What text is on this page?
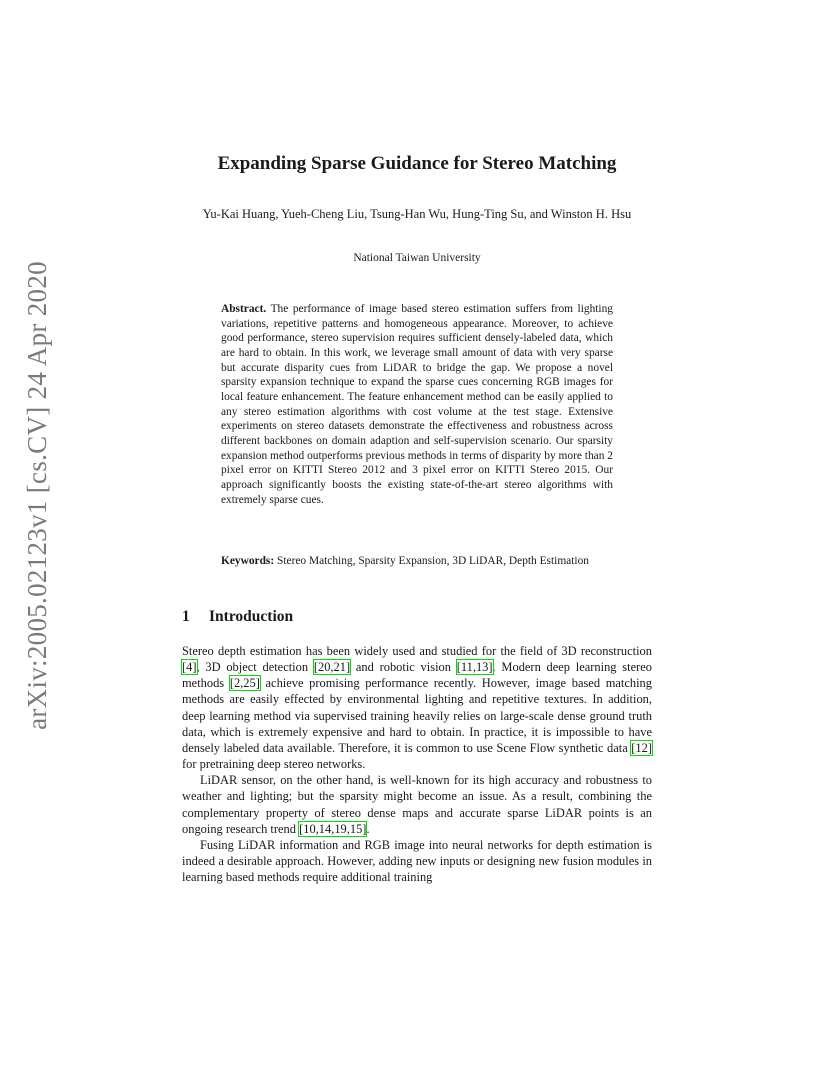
arXiv:2005.02123v1 [cs.CV] 24 Apr 2020
Expanding Sparse Guidance for Stereo Matching

Yu-Kai Huang, Yueh-Cheng Liu, Tsung-Han Wu, Hung-Ting Su, and Winston H. Hsu

National Taiwan University

Abstract. The performance of image based stereo estimation suffers from lighting variations, repetitive patterns and homogeneous appearance. Moreover, to achieve good performance, stereo supervision requires sufficient densely-labeled data, which are hard to obtain. In this work, we leverage small amount of data with very sparse but accurate disparity cues from LiDAR to bridge the gap. We propose a novel sparsity expansion technique to expand the sparse cues concerning RGB images for local feature enhancement. The feature enhancement method can be easily applied to any stereo estimation algorithms with cost volume at the test stage. Extensive experiments on stereo datasets demonstrate the effectiveness and robustness across different backbones on domain adaption and self-supervision scenario. Our sparsity expansion method outperforms previous methods in terms of disparity by more than 2 pixel error on KITTI Stereo 2012 and 3 pixel error on KITTI Stereo 2015. Our approach significantly boosts the existing state-of-the-art stereo algorithms with extremely sparse cues.

Keywords: Stereo Matching, Sparsity Expansion, 3D LiDAR, Depth Estimation

1 Introduction

Stereo depth estimation has been widely used and studied for the field of 3D reconstruction [4], 3D object detection [20,21] and robotic vision [11,13]. Modern deep learning stereo methods [2,25] achieve promising performance recently. However, image based matching methods are easily effected by environmental lighting and repetitive textures. In addition, deep learning method via supervised training heavily relies on large-scale dense ground truth data, which is extremely expensive and hard to obtain. In practice, it is impossible to have densely labeled data available. Therefore, it is common to use Scene Flow synthetic data [12] for pretraining deep stereo networks.

LiDAR sensor, on the other hand, is well-known for its high accuracy and robustness to weather and lighting; but the sparsity might become an issue. As a result, combining the complementary property of stereo dense maps and accurate sparse LiDAR points is an ongoing research trend [10,14,19,15].

Fusing LiDAR information and RGB image into neural networks for depth estimation is indeed a desirable approach. However, adding new inputs or designing new fusion modules in learning based methods require additional training
